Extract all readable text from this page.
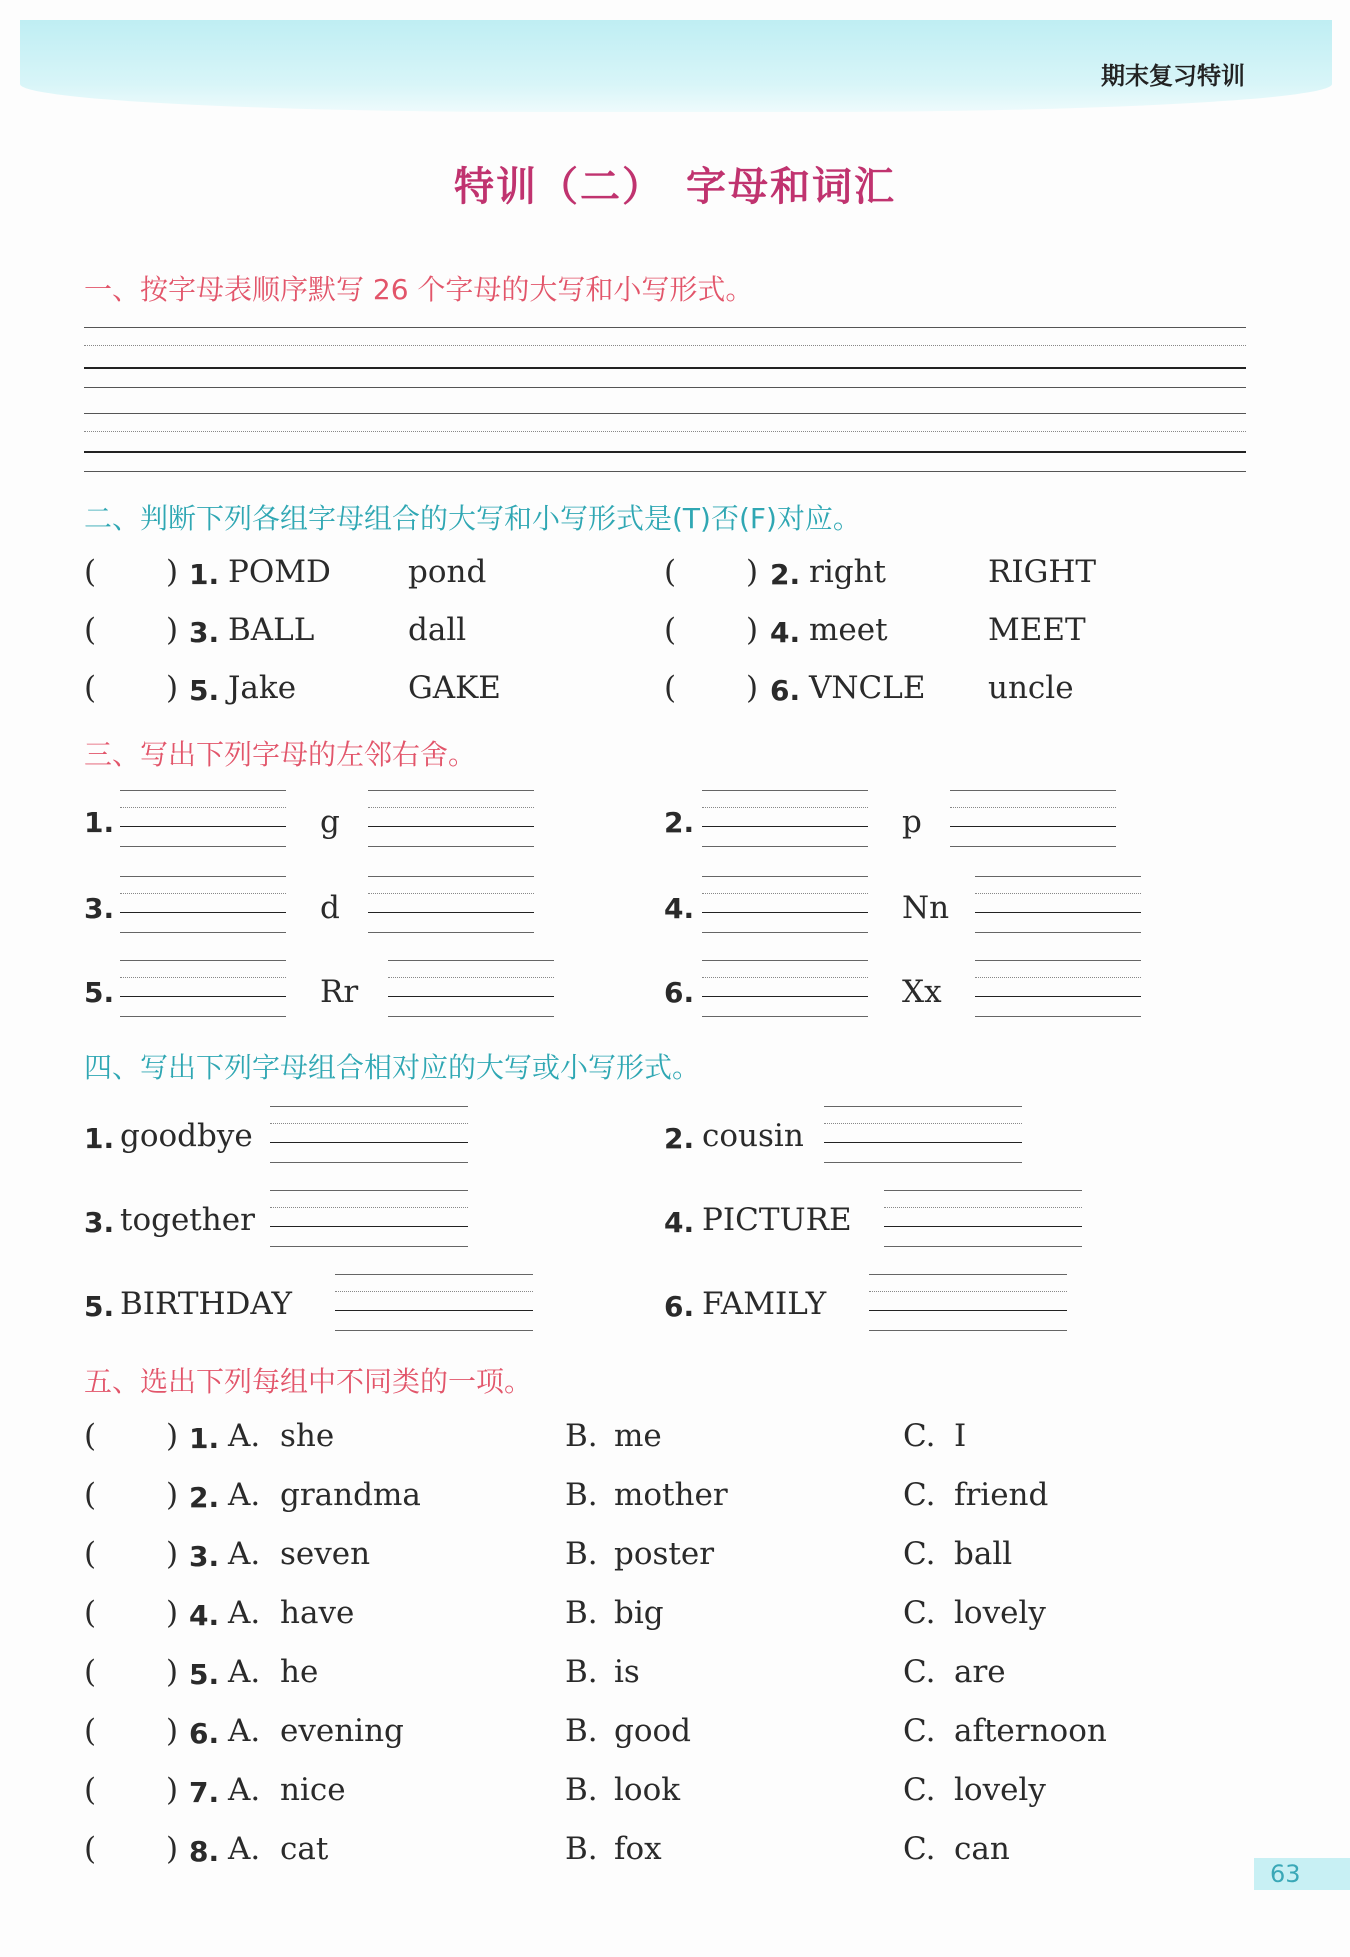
期末复习特训
特训（二）　字母和词汇
一、按字母表顺序默写 26 个字母的大写和小写形式。
二、判断下列各组字母组合的大写和小写形式是(T)否(F)对应。
( ) 1. POMD pond	( ) 2. right	RIGHT
( ) 3. BALL	dall	( ) 4. meet	MEET
( ) 5. Jake	GAKE	( ) 6. VNCLE uncle
三、写出下列字母的左邻右舍。
1.	g	2.	p
3.	d	4.	Nn
5.	Rr	6.	Xx
四、写出下列字母组合相对应的大写或小写形式。
1. goodbye	2. cousin
3. together	4. PICTURE
5. BIRTHDAY	6. FAMILY
五、选出下列每组中不同类的一项。
( ) 1. A. she	B. me	C. I
( ) 2. A. grandma	B. mother	C. friend
( ) 3. A. seven	B. poster	C. ball
( ) 4. A. have	B. big	C. lovely
( ) 5. A. he	B. is	C. are
( ) 6. A. evening	B. good	C. afternoon
( ) 7. A. nice	B. look	C. lovely
( ) 8. A. cat	B. fox	C. can
63
